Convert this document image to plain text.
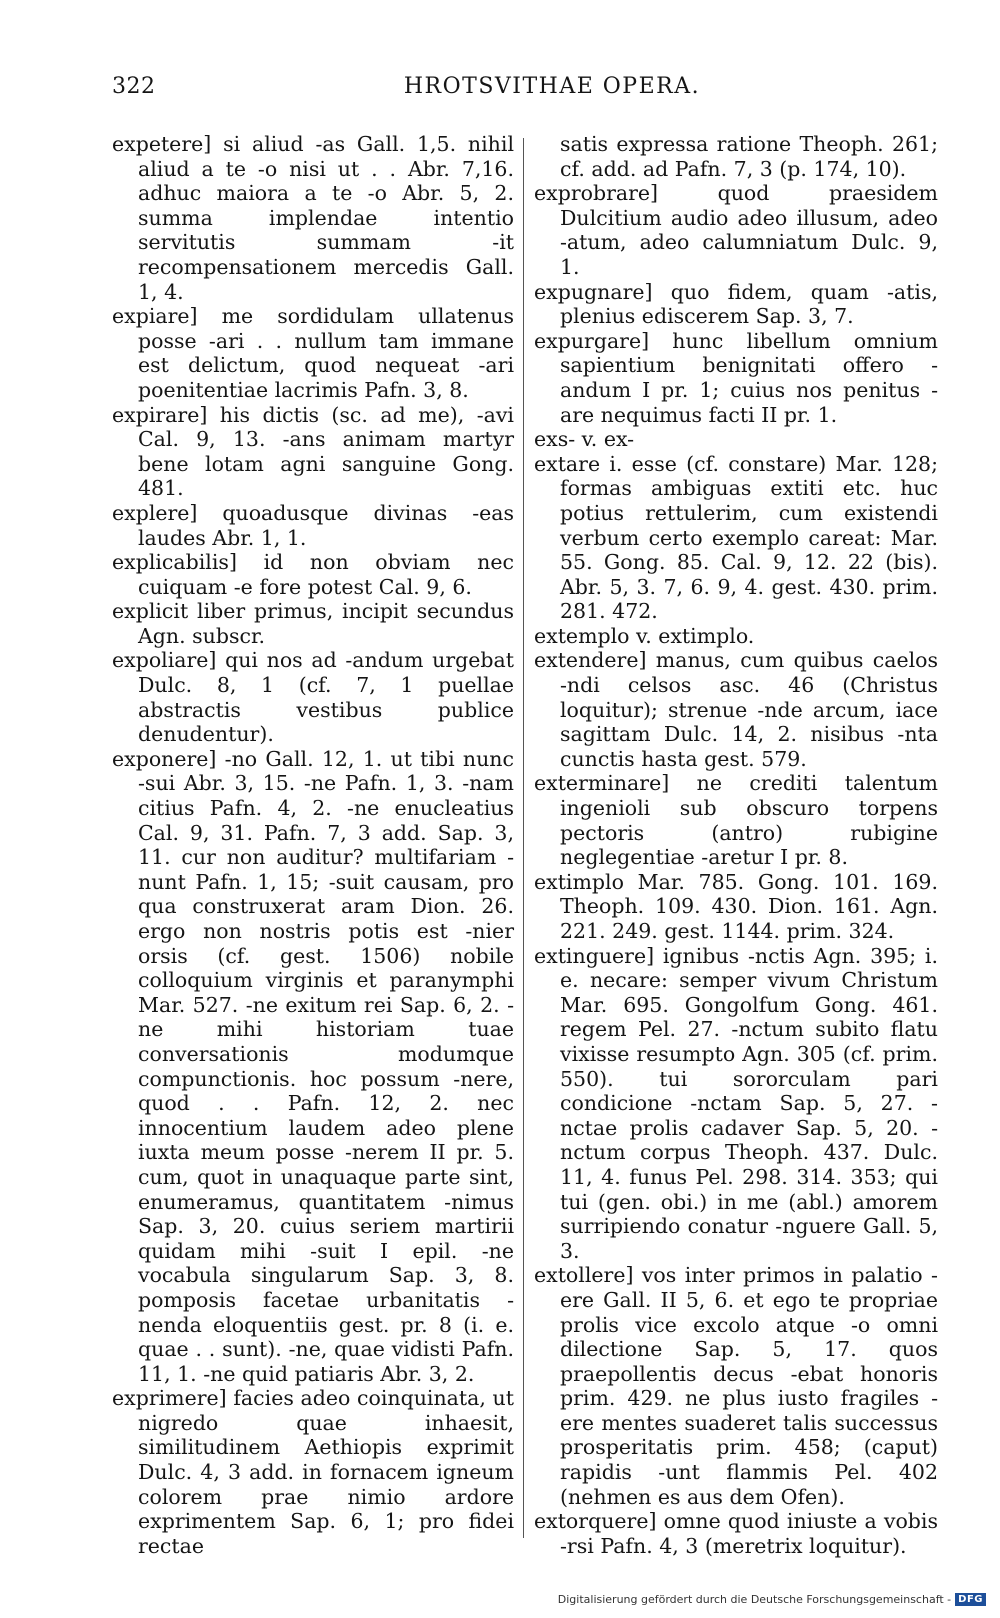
322	HROTSVITHAE OPERA.

expetere] si aliud -as Gall. 1,5. nihil aliud a te -o nisi ut . . Abr. 7,16. adhuc maiora a te -o Abr. 5, 2. summa implendae intentio servitutis summam -it recompensationem mercedis Gall. 1, 4.

expiare] me sordidulam ullatenus posse -ari . . nullum tam immane est delictum, quod nequeat -ari poenitentiae lacrimis Pafn. 3, 8.

expirare] his dictis (sc. ad me), -avi Cal. 9, 13. -ans animam martyr bene lotam agni sanguine Gong. 481.

explere] quoadusque divinas -eas laudes Abr. 1, 1.

explicabilis] id non obviam nec cuiquam -e fore potest Cal. 9, 6.

explicit liber primus, incipit secundus Agn. subscr.

expoliare] qui nos ad -andum urgebat Dulc. 8, 1 (cf. 7, 1 puellae abstractis vestibus publice denudentur).

exponere] -no Gall. 12, 1. ut tibi nunc -sui Abr. 3, 15. -ne Pafn. 1, 3. -nam citius Pafn. 4, 2. -ne enucleatius Cal. 9, 31. Pafn. 7, 3 add. Sap. 3, 11. cur non auditur? multifariam -nunt Pafn. 1, 15; -suit causam, pro qua construxerat aram Dion. 26. ergo non nostris potis est -nier orsis (cf. gest. 1506) nobile colloquium virginis et paranymphi Mar. 527. -ne exitum rei Sap. 6, 2. -ne mihi historiam tuae conversationis modumque compunctionis. hoc possum -nere, quod . . Pafn. 12, 2. nec innocentium laudem adeo plene iuxta meum posse -nerem II pr. 5. cum, quot in unaquaque parte sint, enumeramus, quantitatem -nimus Sap. 3, 20. cuius seriem martirii quidam mihi -suit I epil. -ne vocabula singularum Sap. 3, 8. pomposis facetae urbanitatis -nenda eloquentiis gest. pr. 8 (i. e. quae . . sunt). -ne, quae vidisti Pafn. 11, 1. -ne quid patiaris Abr. 3, 2.

exprimere] facies adeo coinquinata, ut nigredo quae inhaesit, similitudinem Aethiopis exprimit Dulc. 4, 3 add. in fornacem igneum colorem prae nimio ardore exprimentem Sap. 6, 1; pro fidei rectae

satis expressa ratione Theoph. 261; cf. add. ad Pafn. 7, 3 (p. 174, 10).

exprobrare] quod praesidem Dulcitium audio adeo illusum, adeo -atum, adeo calumniatum Dulc. 9, 1.

expugnare] quo fidem, quam -atis, plenius ediscerem Sap. 3, 7.

expurgare] hunc libellum omnium sapientium benignitati offero -andum I pr. 1; cuius nos penitus -are nequimus facti II pr. 1.

exs- v. ex-

extare i. esse (cf. constare) Mar. 128; formas ambiguas extiti etc. huc potius rettulerim, cum existendi verbum certo exemplo careat: Mar. 55. Gong. 85. Cal. 9, 12. 22 (bis). Abr. 5, 3. 7, 6. 9, 4. gest. 430. prim. 281. 472.

extemplo v. extimplo.

extendere] manus, cum quibus caelos -ndi celsos asc. 46 (Christus loquitur); strenue -nde arcum, iace sagittam Dulc. 14, 2. nisibus -nta cunctis hasta gest. 579.

exterminare] ne crediti talentum ingenioli sub obscuro torpens pectoris (antro) rubigine neglegentiae -aretur I pr. 8.

extimplo Mar. 785. Gong. 101. 169. Theoph. 109. 430. Dion. 161. Agn. 221. 249. gest. 1144. prim. 324.

extinguere] ignibus -nctis Agn. 395; i. e. necare: semper vivum Christum Mar. 695. Gongolfum Gong. 461. regem Pel. 27. -nctum subito flatu vixisse resumpto Agn. 305 (cf. prim. 550). tui sororculam pari condicione -nctam Sap. 5, 27. -nctae prolis cadaver Sap. 5, 20. -nctum corpus Theoph. 437. Dulc. 11, 4. funus Pel. 298. 314. 353; qui tui (gen. obi.) in me (abl.) amorem surripiendo conatur -nguere Gall. 5, 3.

extollere] vos inter primos in palatio -ere Gall. II 5, 6. et ego te propriae prolis vice excolo atque -o omni dilectione Sap. 5, 17. quos praepollentis decus -ebat honoris prim. 429. ne plus iusto fragiles -ere mentes suaderet talis successus prosperitatis prim. 458; (caput) rapidis -unt flammis Pel. 402 (nehmen es aus dem Ofen).

extorquere] omne quod iniuste a vobis -rsi Pafn. 4, 3 (meretrix loquitur).

Digitalisierung gefördert durch die Deutsche Forschungsgemeinschaft - DFG
